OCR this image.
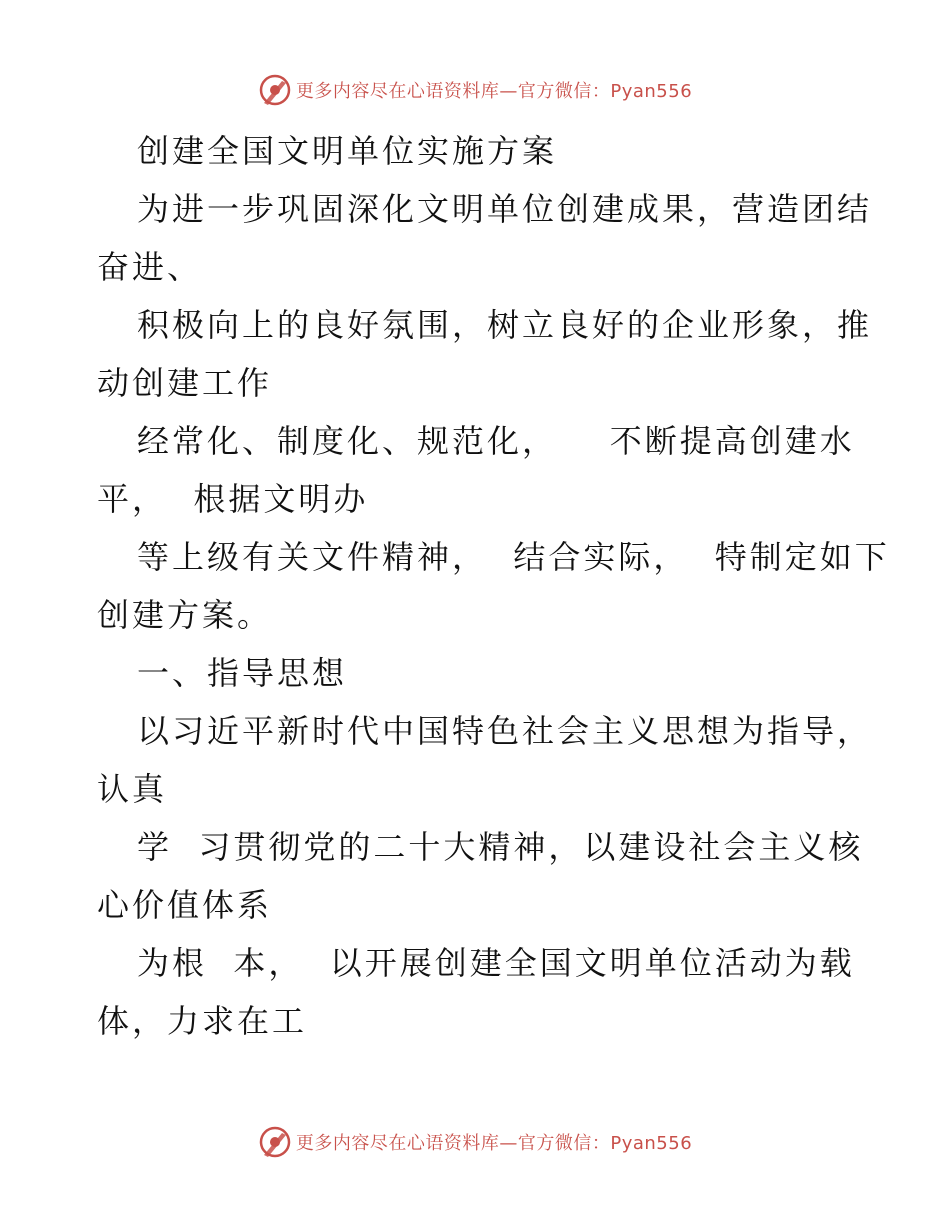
更多内容尽在心语资料库—官方微信：Pyan556
创建全国文明单位实施方案
为进一步巩固深化文明单位创建成果，营造团结
奋进、
积极向上的良好氛围，树立良好的企业形象，推
动创建工作
经常化、制度化、规范化，    不断提高创建水
平，  根据文明办
等上级有关文件精神，  结合实际，  特制定如下
创建方案。
一、指导思想
以习近平新时代中国特色社会主义思想为指导，
认真
学  习贯彻党的二十大精神，以建设社会主义核
心价值体系
为根  本，  以开展创建全国文明单位活动为载
体，力求在工
更多内容尽在心语资料库—官方微信：Pyan556
